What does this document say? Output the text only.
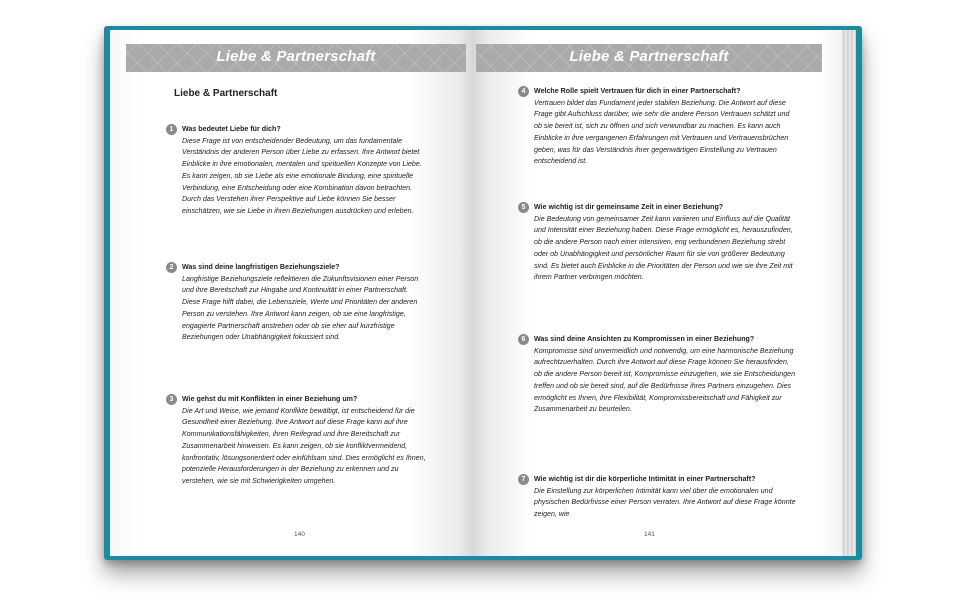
Liebe & Partnerschaft
Liebe & Partnerschaft
1	Was bedeutet Liebe für dich?
Diese Frage ist von entscheidender Bedeutung, um das fundamentale Verständnis der anderen Person über Liebe zu erfassen. Ihre Antwort bietet Einblicke in ihre emotionalen, mentalen und spirituellen Konzepte von Liebe. Es kann zeigen, ob sie Liebe als eine emotionale Bindung, eine spirituelle Verbindung, eine Entscheidung oder eine Kombination davon betrachten. Durch das Verstehen ihrer Perspektive auf Liebe können Sie besser einschätzen, wie sie Liebe in ihren Beziehungen ausdrücken und erleben.
2	Was sind deine langfristigen Beziehungsziele?
Langfristige Beziehungsziele reflektieren die Zukunftsvisionen einer Person und ihre Bereitschaft zur Hingabe und Kontinuität in einer Partnerschaft. Diese Frage hilft dabei, die Lebensziele, Werte und Prioritäten der anderen Person zu verstehen. Ihre Antwort kann zeigen, ob sie eine langfristige, engagierte Partnerschaft anstreben oder ob sie eher auf kurzfristige Beziehungen oder Unabhängigkeit fokussiert sind.
3	Wie gehst du mit Konflikten in einer Beziehung um?
Die Art und Weise, wie jemand Konflikte bewältigt, ist entscheidend für die Gesundheit einer Beziehung. Ihre Antwort auf diese Frage kann auf ihre Kommunikationsfähigkeiten, ihren Reifegrad und ihre Bereitschaft zur Zusammenarbeit hinweisen. Es kann zeigen, ob sie konfliktvermeidend, konfrontativ, lösungsorientiert oder einfühlsam sind. Dies ermöglicht es Ihnen, potenzielle Herausforderungen in der Beziehung zu erkennen und zu verstehen, wie sie mit Schwierigkeiten umgehen.
140
Liebe & Partnerschaft
4	Welche Rolle spielt Vertrauen für dich in einer Partnerschaft?
Vertrauen bildet das Fundament jeder stabilen Beziehung. Die Antwort auf diese Frage gibt Aufschluss darüber, wie sehr die andere Person Vertrauen schätzt und ob sie bereit ist, sich zu öffnen und sich verwundbar zu machen. Es kann auch Einblicke in ihre vergangenen Erfahrungen mit Vertrauen und Vertrauensbrüchen geben, was für das Verständnis ihrer gegenwärtigen Einstellung zu Vertrauen entscheidend ist.
5	Wie wichtig ist dir gemeinsame Zeit in einer Beziehung?
Die Bedeutung von gemeinsamer Zeit kann variieren und Einfluss auf die Qualität und Intensität einer Beziehung haben. Diese Frage ermöglicht es, herauszufinden, ob die andere Person nach einer intensiven, eng verbundenen Beziehung strebt oder ob Unabhängigkeit und persönlicher Raum für sie von größerer Bedeutung sind. Es bietet auch Einblicke in die Prioritäten der Person und wie sie ihre Zeit mit ihrem Partner verbringen möchten.
6	Was sind deine Ansichten zu Kompromissen in einer Beziehung?
Kompromisse sind unvermeidlich und notwendig, um eine harmonische Beziehung aufrechtzuerhalten. Durch ihre Antwort auf diese Frage können Sie herausfinden, ob die andere Person bereit ist, Kompromisse einzugehen, wie sie Entscheidungen treffen und ob sie bereit sind, auf die Bedürfnisse ihres Partners einzugehen. Dies ermöglicht es Ihnen, ihre Flexibilität, Kompromissbereitschaft und Fähigkeit zur Zusammenarbeit zu beurteilen.
7	Wie wichtig ist dir die körperliche Intimität in einer Partnerschaft?
Die Einstellung zur körperlichen Intimität kann viel über die emotionalen und physischen Bedürfnisse einer Person verraten. Ihre Antwort auf diese Frage könnte zeigen, wie
141
